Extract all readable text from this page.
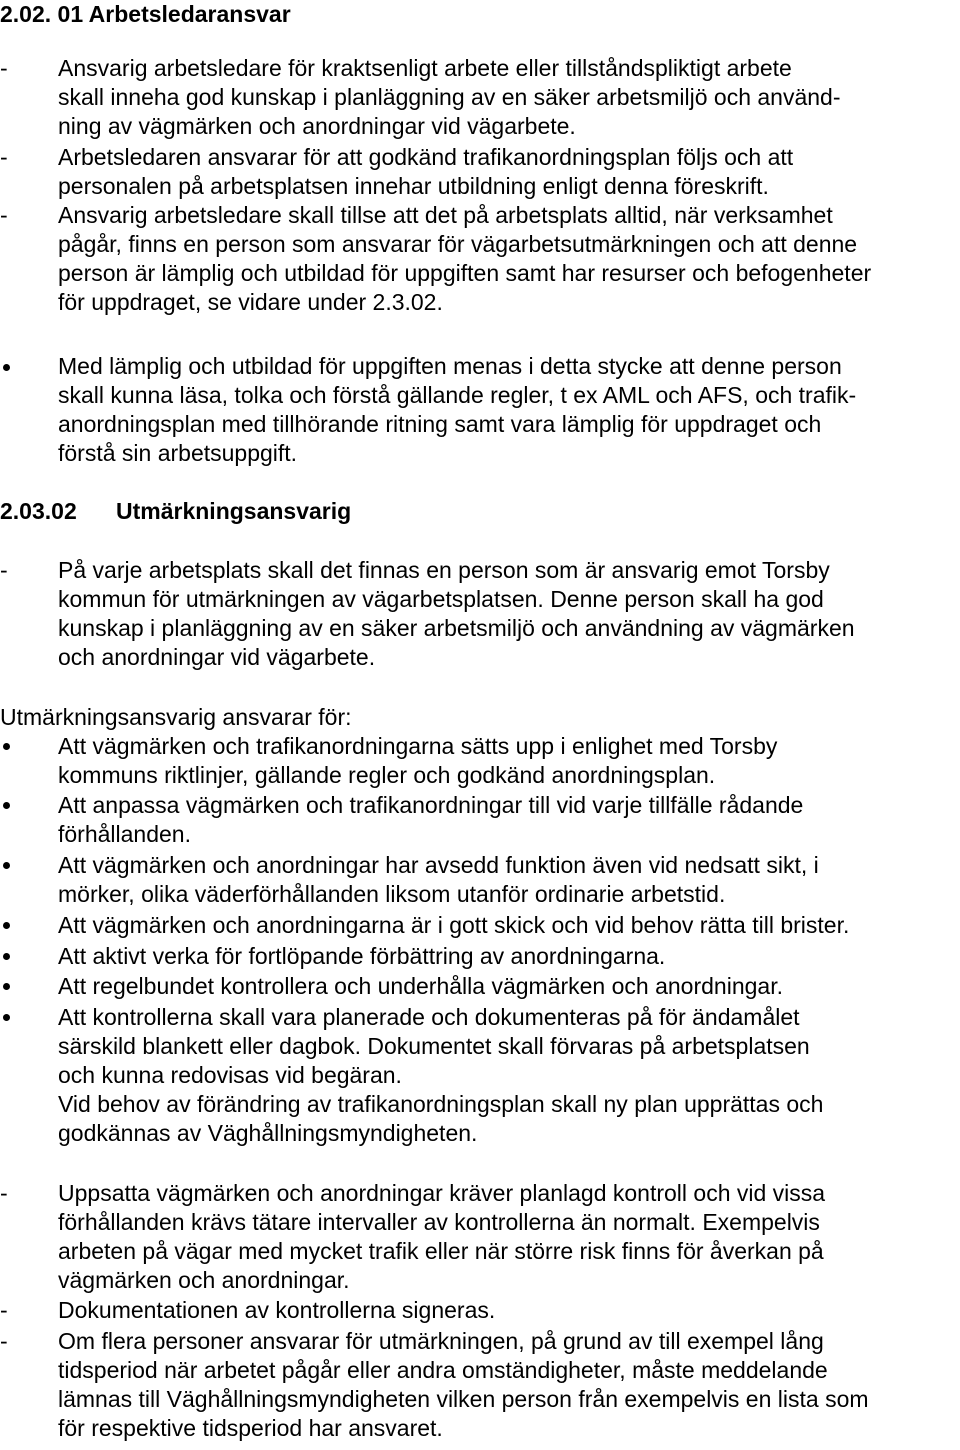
2.02. 01 Arbetsledaransvar
- Ansvarig arbetsledare för kraktsenligt arbete eller tillståndspliktigt arbete
skall inneha god kunskap i planläggning av en säker arbetsmiljö och använd-
ning av vägmärken och anordningar vid vägarbete.
- Arbetsledaren ansvarar för att godkänd trafikanordningsplan följs och att
personalen på arbetsplatsen innehar utbildning enligt denna föreskrift.
- Ansvarig arbetsledare skall tillse att det på arbetsplats alltid, när verksamhet
pågår, finns en person som ansvarar för vägarbetsutmärkningen och att denne
person är lämplig och utbildad för uppgiften samt har resurser och befogenheter
för uppdraget, se vidare under 2.3.02.
Med lämplig och utbildad för uppgiften menas i detta stycke att denne person
skall kunna läsa, tolka och förstå gällande regler, t ex AML och AFS, och trafik-
anordningsplan med tillhörande ritning samt vara lämplig för uppdraget och
förstå sin arbetsuppgift.
2.03.02 Utmärkningsansvarig
- På varje arbetsplats skall det finnas en person som är ansvarig emot Torsby
kommun för utmärkningen av vägarbetsplatsen. Denne person skall ha god
kunskap i planläggning av en säker arbetsmiljö och användning av vägmärken
och anordningar vid vägarbete.
Utmärkningsansvarig ansvarar för:
Att vägmärken och trafikanordningarna sätts upp i enlighet med Torsby
kommuns riktlinjer, gällande regler och godkänd anordningsplan.
Att anpassa vägmärken och trafikanordningar till vid varje tillfälle rådande
förhållanden.
Att vägmärken och anordningar har avsedd funktion även vid nedsatt sikt, i
mörker, olika väderförhållanden liksom utanför ordinarie arbetstid.
Att vägmärken och anordningarna är i gott skick och vid behov rätta till brister.
Att aktivt verka för fortlöpande förbättring av anordningarna.
Att regelbundet kontrollera och underhålla vägmärken och anordningar.
Att kontrollerna skall vara planerade och dokumenteras på för ändamålet
särskild blankett eller dagbok. Dokumentet skall förvaras på arbetsplatsen
och kunna redovisas vid begäran.
Vid behov av förändring av trafikanordningsplan skall ny plan upprättas och
godkännas av Väghållningsmyndigheten.
- Uppsatta vägmärken och anordningar kräver planlagd kontroll och vid vissa
förhållanden krävs tätare intervaller av kontrollerna än normalt. Exempelvis
arbeten på vägar med mycket trafik eller när större risk finns för åverkan på
vägmärken och anordningar.
- Dokumentationen av kontrollerna signeras.
- Om flera personer ansvarar för utmärkningen, på grund av till exempel lång
tidsperiod när arbetet pågår eller andra omständigheter, måste meddelande
lämnas till Väghållningsmyndigheten vilken person från exempelvis en lista som
för respektive tidsperiod har ansvaret.
